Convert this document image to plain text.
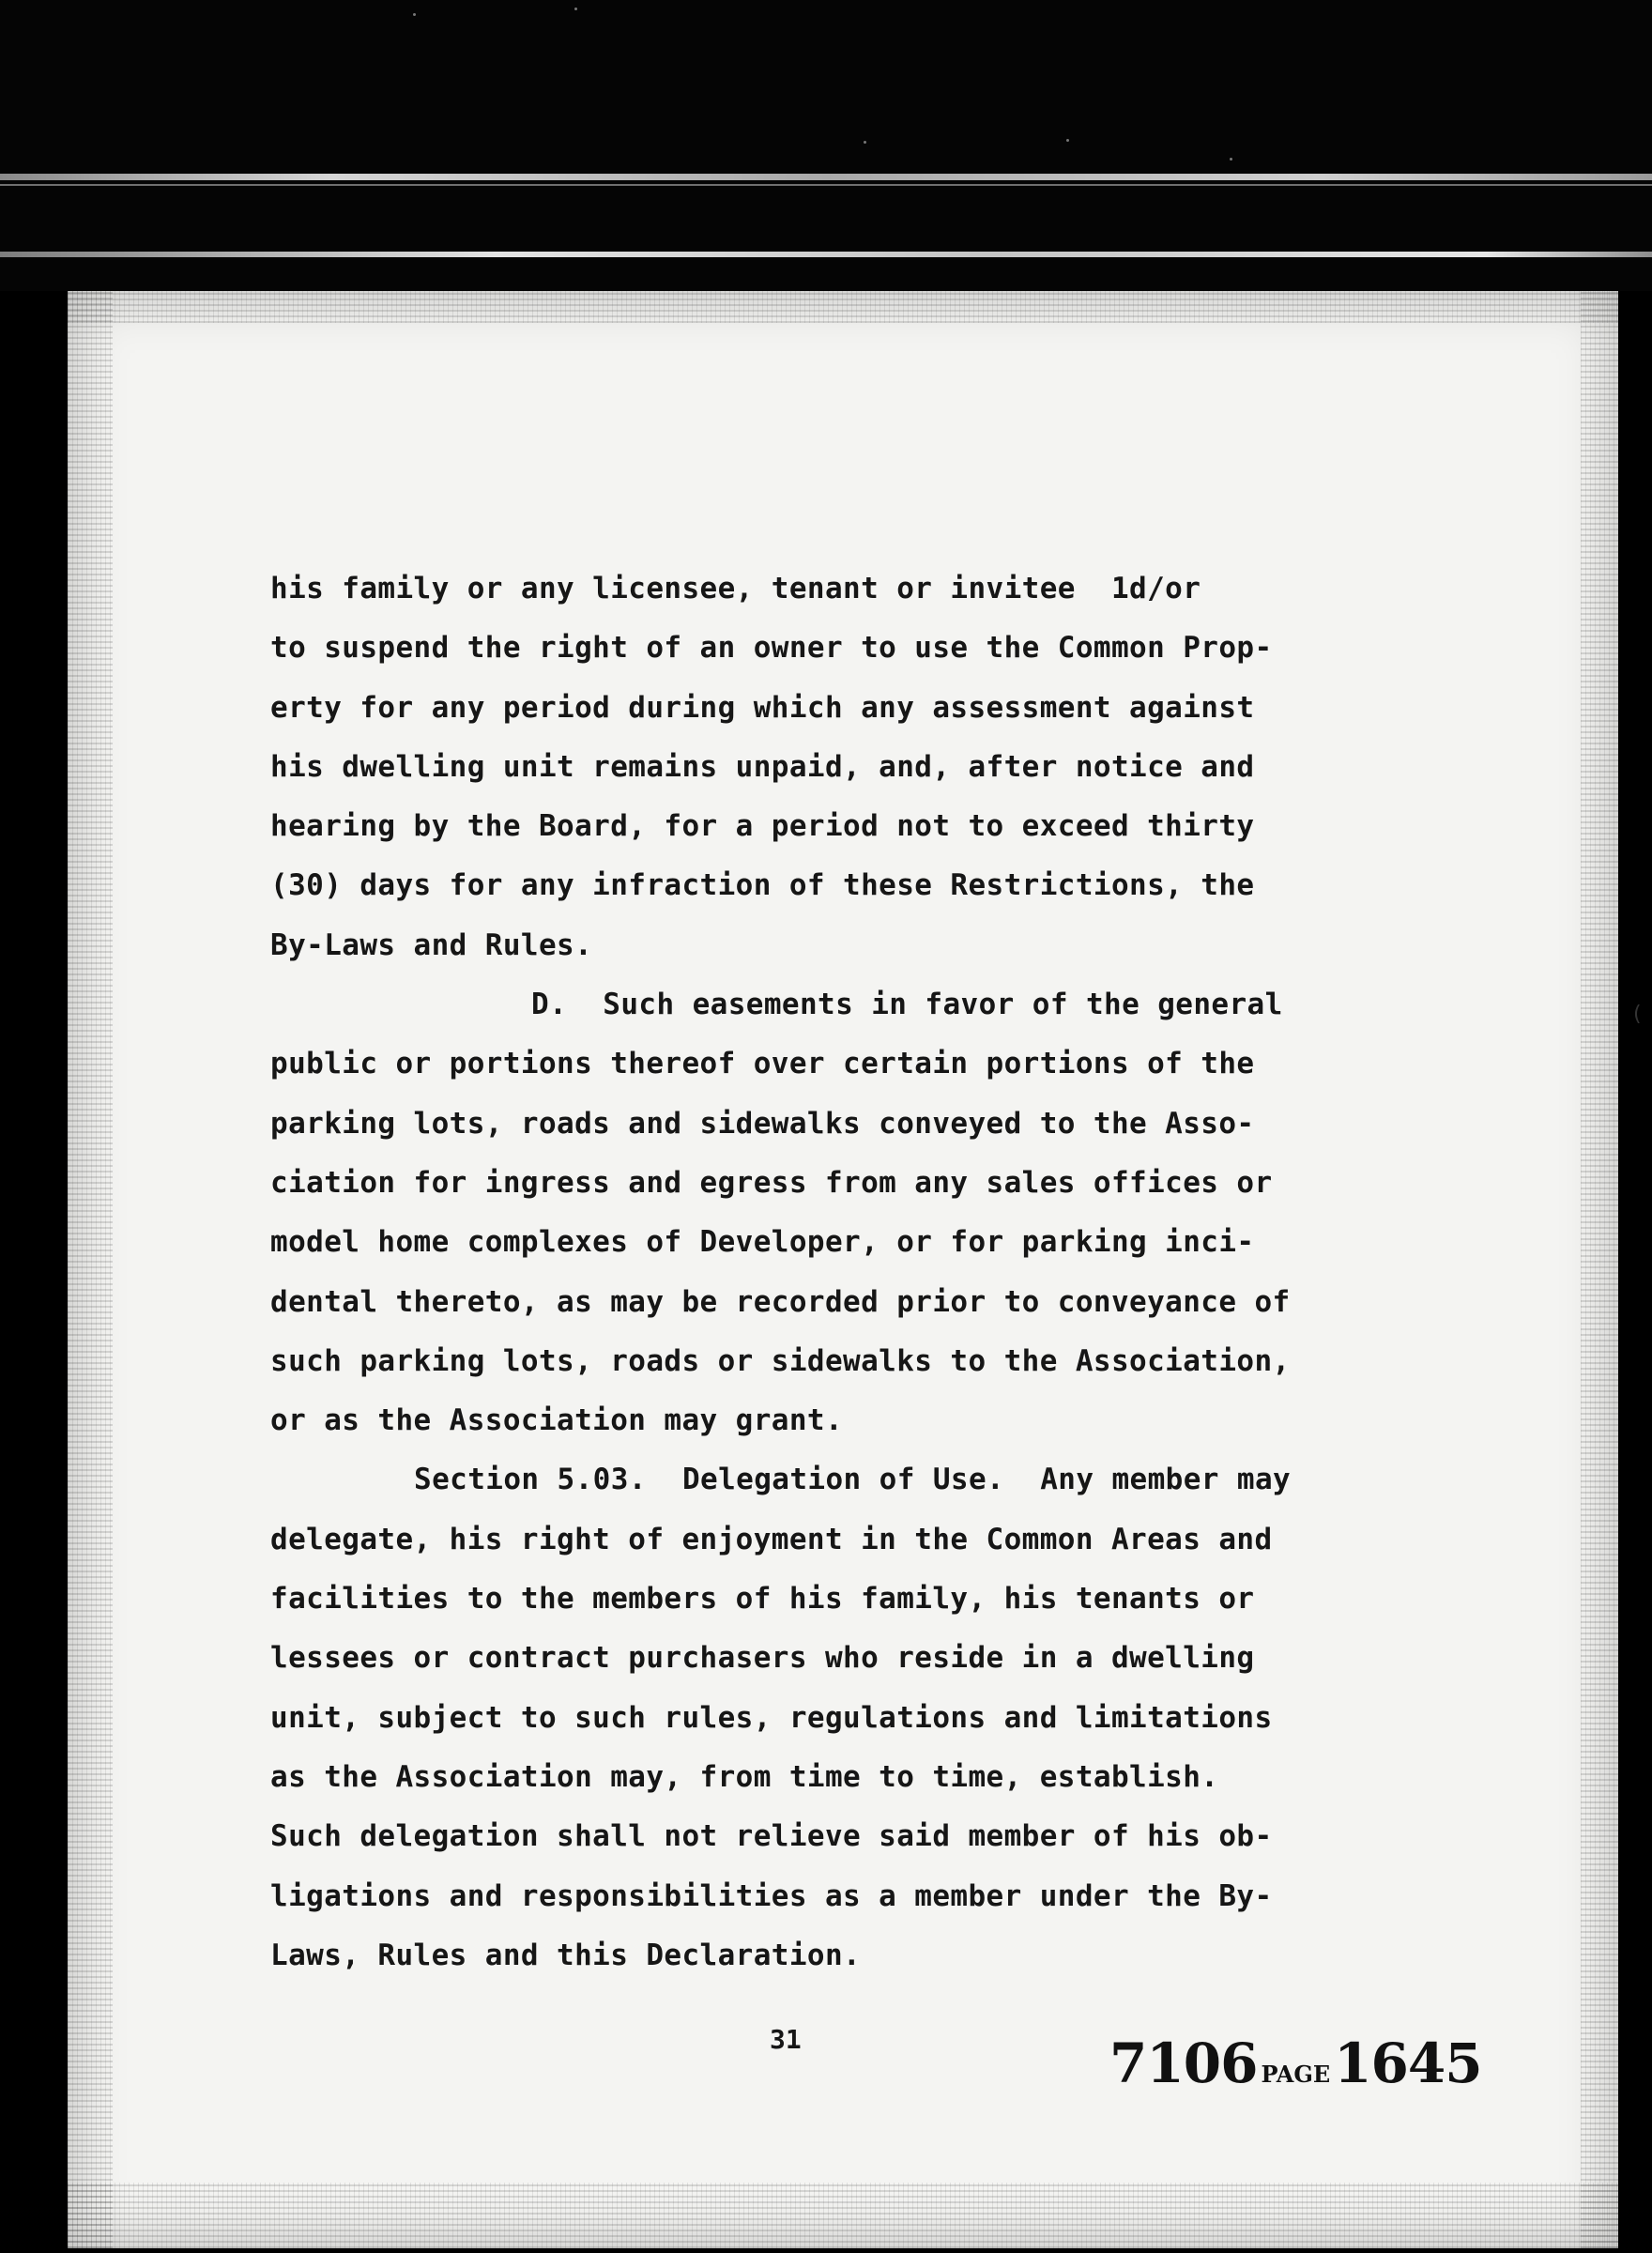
his family or any licensee, tenant or invitee  1d/or
to suspend the right of an owner to use the Common Prop-
erty for any period during which any assessment against
his dwelling unit remains unpaid, and, after notice and
hearing by the Board, for a period not to exceed thirty
(30) days for any infraction of these Restrictions, the
By-Laws and Rules.
D.  Such easements in favor of the general
public or portions thereof over certain portions of the
parking lots, roads and sidewalks conveyed to the Asso-
ciation for ingress and egress from any sales offices or
model home complexes of Developer, or for parking inci-
dental thereto, as may be recorded prior to conveyance of
such parking lots, roads or sidewalks to the Association,
or as the Association may grant.
Section 5.03.  Delegation of Use.  Any member may
delegate, his right of enjoyment in the Common Areas and
facilities to the members of his family, his tenants or
lessees or contract purchasers who reside in a dwelling
unit, subject to such rules, regulations and limitations
as the Association may, from time to time, establish.
Such delegation shall not relieve said member of his ob-
ligations and responsibilities as a member under the By-
Laws, Rules and this Declaration.
31	7106 PAGE 1645
(
